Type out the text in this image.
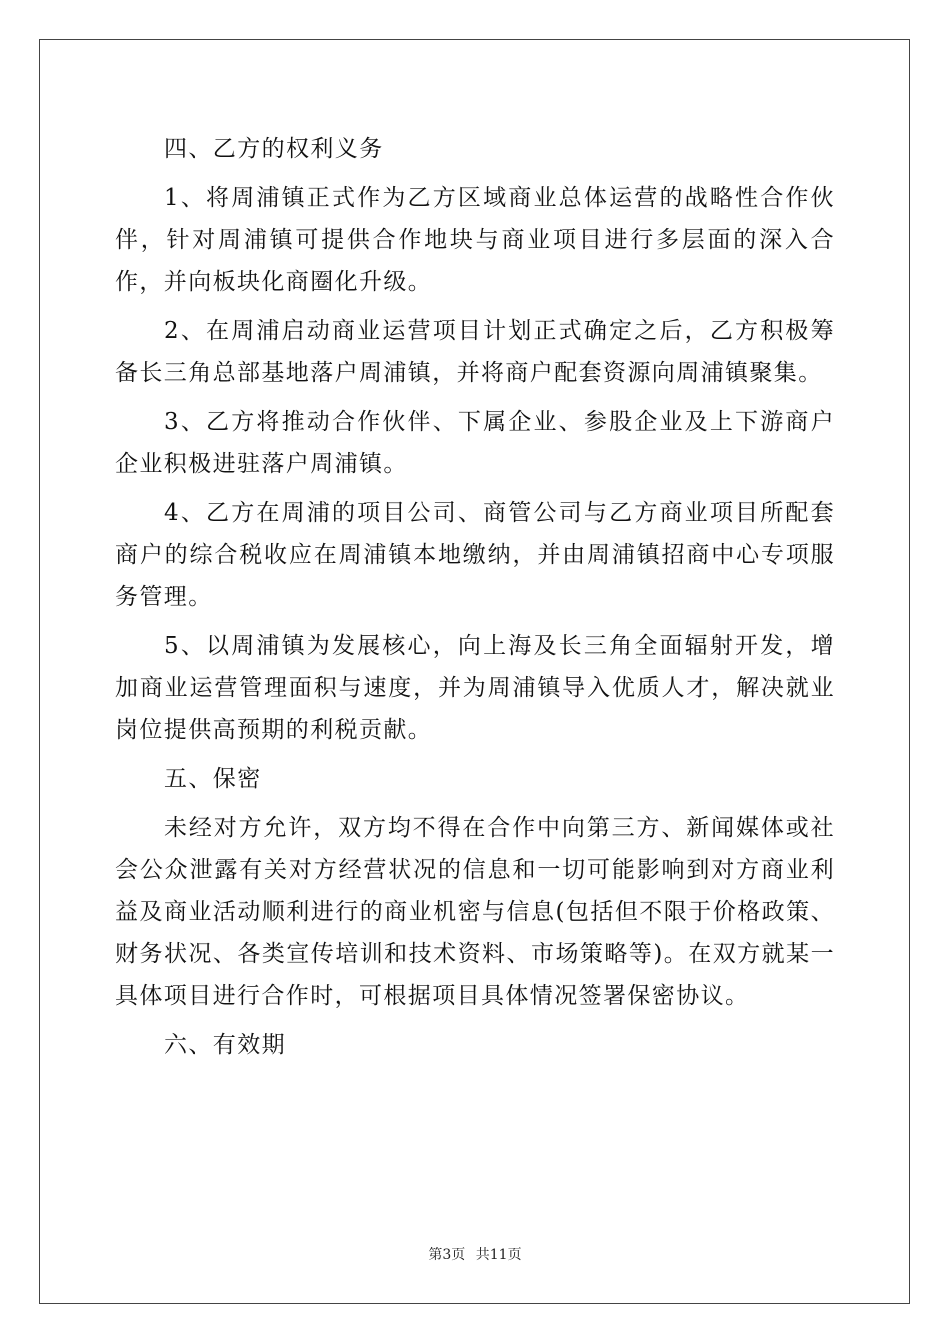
四、乙方的权利义务

1、将周浦镇正式作为乙方区域商业总体运营的战略性合作伙伴，针对周浦镇可提供合作地块与商业项目进行多层面的深入合作，并向板块化商圈化升级。

2、在周浦启动商业运营项目计划正式确定之后，乙方积极筹备长三角总部基地落户周浦镇，并将商户配套资源向周浦镇聚集。

3、乙方将推动合作伙伴、下属企业、参股企业及上下游商户企业积极进驻落户周浦镇。

4、乙方在周浦的项目公司、商管公司与乙方商业项目所配套商户的综合税收应在周浦镇本地缴纳，并由周浦镇招商中心专项服务管理。

5、以周浦镇为发展核心，向上海及长三角全面辐射开发，增加商业运营管理面积与速度，并为周浦镇导入优质人才，解决就业岗位提供高预期的利税贡献。

五、保密

未经对方允许，双方均不得在合作中向第三方、新闻媒体或社会公众泄露有关对方经营状况的信息和一切可能影响到对方商业利益及商业活动顺利进行的商业机密与信息(包括但不限于价格政策、财务状况、各类宣传培训和技术资料、市场策略等)。在双方就某一具体项目进行合作时，可根据项目具体情况签署保密协议。

六、有效期

第3页 共11页
